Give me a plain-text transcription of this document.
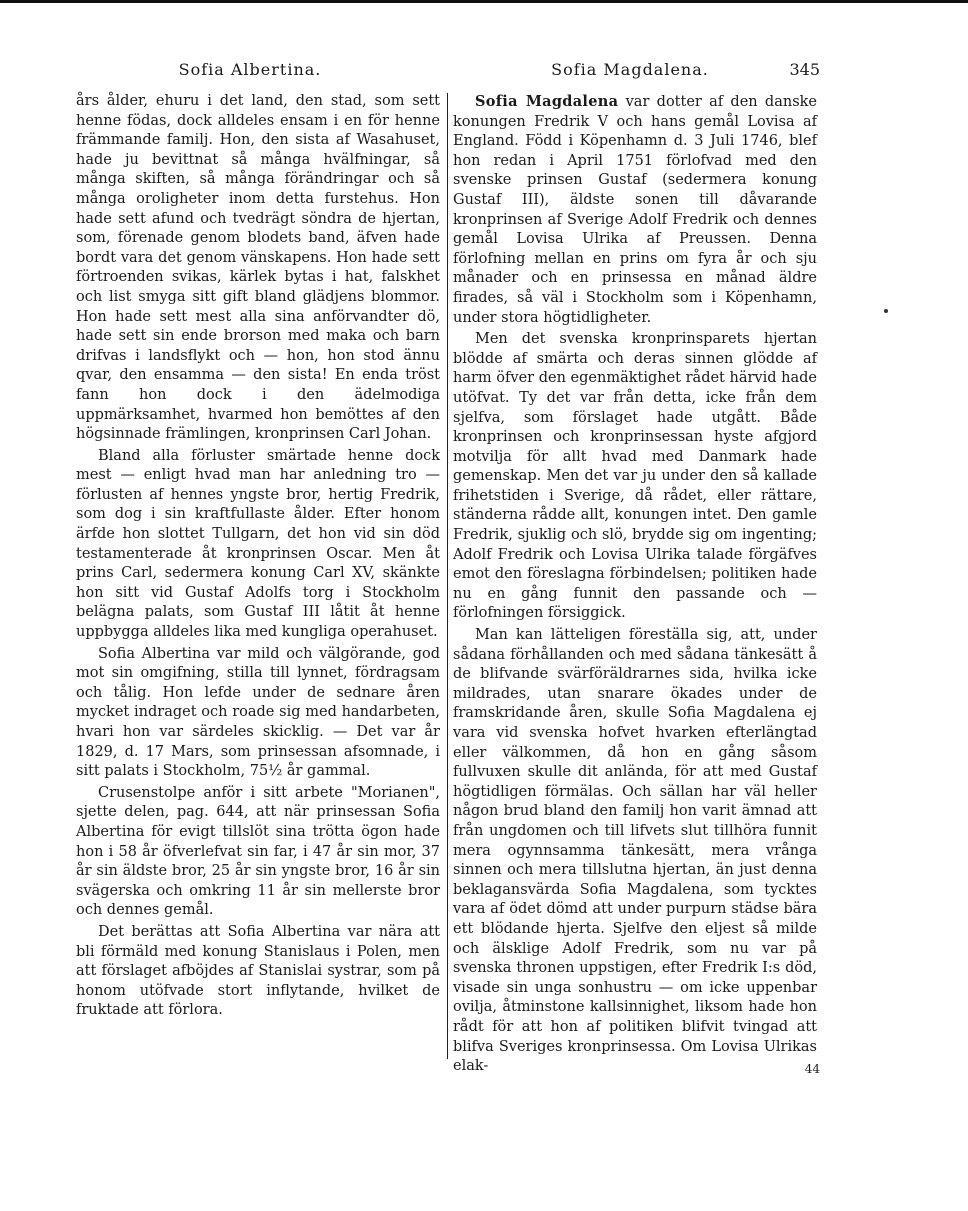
Sofia Albertina.	Sofia Magdalena.	345

års ålder, ehuru i det land, den stad, som sett henne födas, dock alldeles ensam i en för henne främmande familj. Hon, den sista af Wasahuset, hade ju bevittnat så många hvälfningar, så många skiften, så många förändringar och så många oroligheter inom detta furstehus. Hon hade sett afund och tvedrägt söndra de hjertan, som, förenade genom blodets band, äfven hade bordt vara det genom vänskapens. Hon hade sett förtroenden svikas, kärlek bytas i hat, falskhet och list smyga sitt gift bland glädjens blommor. Hon hade sett mest alla sina anförvandter dö, hade sett sin ende brorson med maka och barn drifvas i landsflykt och — hon, hon stod ännu qvar, den ensamma — den sista! En enda tröst fann hon dock i den ädelmodiga uppmärksamhet, hvarmed hon bemöttes af den högsinnade främlingen, kronprinsen Carl Johan.

Bland alla förluster smärtade henne dock mest — enligt hvad man har anledning tro — förlusten af hennes yngste bror, hertig Fredrik, som dog i sin kraftfullaste ålder. Efter honom ärfde hon slottet Tullgarn, det hon vid sin död testamenterade åt kronprinsen Oscar. Men åt prins Carl, sedermera konung Carl XV, skänkte hon sitt vid Gustaf Adolfs torg i Stockholm belägna palats, som Gustaf III låtit åt henne uppbygga alldeles lika med kungliga operahuset.

Sofia Albertina var mild och välgörande, god mot sin omgifning, stilla till lynnet, fördragsam och tålig. Hon lefde under de sednare åren mycket indraget och roade sig med handarbeten, hvari hon var särdeles skicklig. — Det var år 1829, d. 17 Mars, som prinsessan afsomnade, i sitt palats i Stockholm, 75½ år gammal.

Crusenstolpe anför i sitt arbete "Morianen", sjette delen, pag. 644, att när prinsessan Sofia Albertina för evigt tillslöt sina trötta ögon hade hon i 58 år öfverlefvat sin far, i 47 år sin mor, 37 år sin äldste bror, 25 år sin yngste bror, 16 år sin svägerska och omkring 11 år sin mellerste bror och dennes gemål.

Det berättas att Sofia Albertina var nära att bli förmäld med konung Stanislaus i Polen, men att förslaget afböjdes af Stanislai systrar, som på honom utöfvade stort inflytande, hvilket de fruktade att förlora.

Sofia Magdalena var dotter af den danske konungen Fredrik V och hans gemål Lovisa af England. Född i Köpenhamn d. 3 Juli 1746, blef hon redan i April 1751 förlofvad med den svenske prinsen Gustaf (sedermera konung Gustaf III), äldste sonen till dåvarande kronprinsen af Sverige Adolf Fredrik och dennes gemål Lovisa Ulrika af Preussen. Denna förlofning mellan en prins om fyra år och sju månader och en prinsessa en månad äldre firades, så väl i Stockholm som i Köpenhamn, under stora högtidligheter.

Men det svenska kronprinsparets hjertan blödde af smärta och deras sinnen glödde af harm öfver den egenmäktighet rådet härvid hade utöfvat. Ty det var från detta, icke från dem sjelfva, som förslaget hade utgått. Både kronprinsen och kronprinsessan hyste afgjord motvilja för allt hvad med Danmark hade gemenskap. Men det var ju under den så kallade frihetstiden i Sverige, då rådet, eller rättare, ständerna rådde allt, konungen intet. Den gamle Fredrik, sjuklig och slö, brydde sig om ingenting; Adolf Fredrik och Lovisa Ulrika talade förgäfves emot den föreslagna förbindelsen; politiken hade nu en gång funnit den passande och — förlofningen försiggick.

Man kan lätteligen föreställa sig, att, under sådana förhållanden och med sådana tänkesätt å de blifvande svärföräldrarnes sida, hvilka icke mildrades, utan snarare ökades under de framskridande åren, skulle Sofia Magdalena ej vara vid svenska hofvet hvarken efterlängtad eller välkommen, då hon en gång såsom fullvuxen skulle dit anlända, för att med Gustaf högtidligen förmälas. Och sällan har väl heller någon brud bland den familj hon varit ämnad att från ungdomen och till lifvets slut tillhöra funnit mera ogynnsamma tänkesätt, mera vrånga sinnen och mera tillslutna hjertan, än just denna beklagansvärda Sofia Magdalena, som tycktes vara af ödet dömd att under purpurn städse bära ett blödande hjerta. Sjelfve den eljest så milde och älsklige Adolf Fredrik, som nu var på svenska thronen uppstigen, efter Fredrik I:s död, visade sin unga sonhustru — om icke uppenbar ovilja, åtminstone kallsinnighet, liksom hade hon rådt för att hon af politiken blifvit tvingad att blifva Sveriges kronprinsessa. Om Lovisa Ulrikas elak-	44
